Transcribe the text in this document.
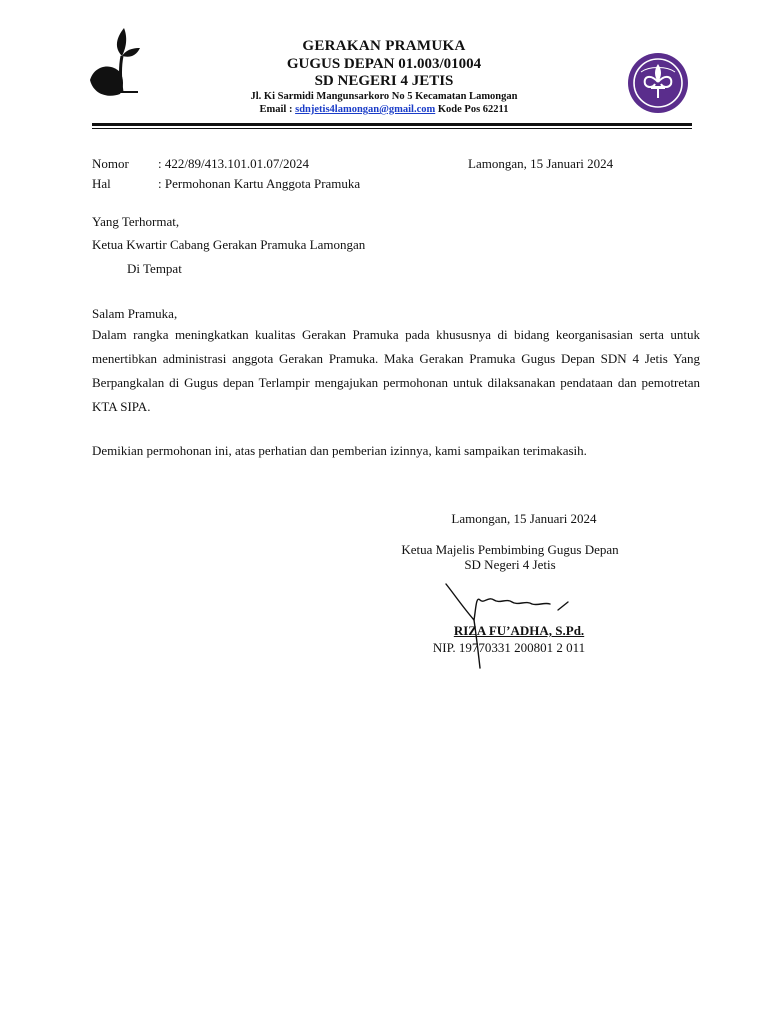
GERAKAN PRAMUKA
GUGUS DEPAN 01.003/01004
SD NEGERI 4 JETIS
Jl. Ki Sarmidi Mangunsarkoro No 5 Kecamatan Lamongan
Email : sdnjetis4lamongan@gmail.com Kode Pos 62211
Nomor : 422/89/413.101.01.07/2024	Lamongan, 15 Januari 2024
Hal	: Permohonan Kartu Anggota Pramuka
Yang Terhormat,
Ketua Kwartir Cabang Gerakan Pramuka Lamongan
Di Tempat
Salam Pramuka,
Dalam rangka meningkatkan kualitas Gerakan Pramuka pada khususnya di bidang keorganisasian serta untuk menertibkan administrasi anggota Gerakan Pramuka. Maka Gerakan Pramuka Gugus Depan SDN 4 Jetis Yang Berpangkalan di Gugus depan Terlampir mengajukan permohonan untuk dilaksanakan pendataan dan pemotretan KTA SIPA.
Demikian permohonan ini, atas perhatian dan pemberian izinnya, kami sampaikan terimakasih.
Lamongan, 15 Januari 2024
Ketua Majelis Pembimbing Gugus Depan
SD Negeri 4 Jetis
RIZA FU’ADHA, S.Pd.
NIP. 19770331 200801 2 011
